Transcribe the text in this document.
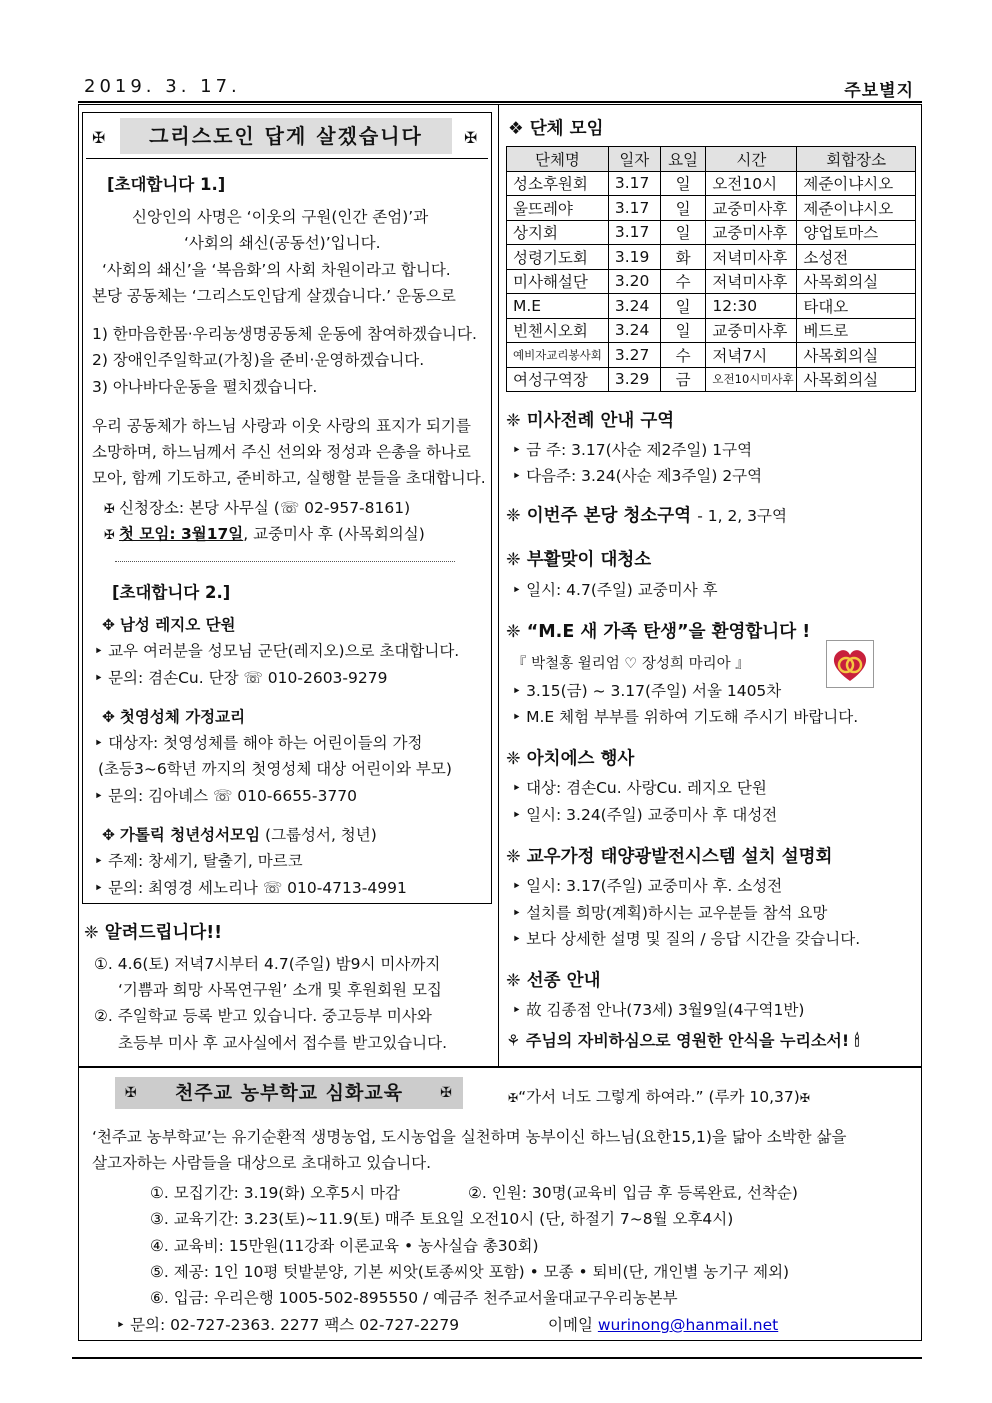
2019. 3. 17.	주보별지
✠	그리스도인 답게 살겠습니다	✠
[초대합니다 1.]
신앙인의 사명은 ‘이웃의 구원(인간 존엄)’과
‘사회의 쇄신(공동선)’입니다.
‘사회의 쇄신’을 ‘복음화’의 사회 차원이라고 합니다.
본당 공동체는 ‘그리스도인답게 살겠습니다.’ 운동으로
1) 한마음한몸·우리농생명공동체 운동에 참여하겠습니다.
2) 장애인주일학교(가칭)을 준비·운영하겠습니다.
3) 아나바다운동을 펼치겠습니다.
우리 공동체가 하느님 사랑과 이웃 사랑의 표지가 되기를
소망하며, 하느님께서 주신 선의와 정성과 은총을 하나로
모아, 함께 기도하고, 준비하고, 실행할 분들을 초대합니다.
✠ 신청장소: 본당 사무실 (☏ 02-957-8161)
✠ 첫 모임: 3월17일, 교중미사 후 (사목회의실)
[초대합니다 2.]
✥ 남성 레지오 단원
‣ 교우 여러분을 성모님 군단(레지오)으로 초대합니다.
‣ 문의: 겸손Cu. 단장 ☏ 010-2603-9279
✥ 첫영성체 가정교리
‣ 대상자: 첫영성체를 해야 하는 어린이들의 가정
(초등3~6학년 까지의 첫영성체 대상 어린이와 부모)
‣ 문의: 김아녜스 ☏ 010-6655-3770
✥ 가톨릭 청년성서모임 (그룹성서, 청년)
‣ 주제: 창세기, 탈출기, 마르코
‣ 문의: 최영경 세노리나 ☏ 010-4713-4991
❈ 알려드립니다!!
①. 4.6(토) 저녁7시부터 4.7(주일) 밤9시 미사까지
‘기쁨과 희망 사목연구원’ 소개 및 후원회원 모집
②. 주일학교 등록 받고 있습니다. 중고등부 미사와
초등부 미사 후 교사실에서 접수를 받고있습니다.
❖ 단체 모임
단체명	일자	요일	시간	회합장소
성소후원회	3.17	일	오전10시	제준이냐시오
울뜨레야	3.17	일	교중미사후	제준이냐시오
상지회	3.17	일	교중미사후	양업토마스
성령기도회	3.19	화	저녁미사후	소성전
미사해설단	3.20	수	저녁미사후	사목회의실
M.E	3.24	일	12:30	타대오
빈첸시오회	3.24	일	교중미사후	베드로
예비자교리봉사회	3.27	수	저녁7시	사목회의실
여성구역장	3.29	금	오전10시미사후	사목회의실
❈ 미사전례 안내 구역
‣ 금 주: 3.17(사순 제2주일) 1구역
‣ 다음주: 3.24(사순 제3주일) 2구역
❈ 이번주 본당 청소구역 - 1, 2, 3구역
❈ 부활맞이 대청소
‣ 일시: 4.7(주일) 교중미사 후
❈ “M.E 새 가족 탄생”을 환영합니다 !
『 박철홍 윌리엄 ♡ 장성희 마리아 』
‣ 3.15(금) ~ 3.17(주일) 서울 1405차
‣ M.E 체험 부부를 위하여 기도해 주시기 바랍니다.
❈ 아치에스 행사
‣ 대상: 겸손Cu. 사랑Cu. 레지오 단원
‣ 일시: 3.24(주일) 교중미사 후 대성전
❈ 교우가정 태양광발전시스템 설치 설명회
‣ 일시: 3.17(주일) 교중미사 후. 소성전
‣ 설치를 희망(계획)하시는 교우분들 참석 요망
‣ 보다 상세한 설명 및 질의 / 응답 시간을 갖습니다.
❈ 선종 안내
‣ 故 김종점 안나(73세) 3월9일(4구역1반)
⚘ 주님의 자비하심으로 영원한 안식을 누리소서! 🕯
✠ 천주교 농부학교 심화교육	✠	✠“가서 너도 그렇게 하여라.” (루카 10,37)✠
‘천주교 농부학교’는 유기순환적 생명농업, 도시농업을 실천하며 농부이신 하느님(요한15,1)을 닮아 소박한 삶을
살고자하는 사람들을 대상으로 초대하고 있습니다.
①. 모집기간: 3.19(화) 오후5시 마감	②. 인원: 30명(교육비 입금 후 등록완료, 선착순)
③. 교육기간: 3.23(토)~11.9(토) 매주 토요일 오전10시 (단, 하절기 7~8월 오후4시)
④. 교육비: 15만원(11강좌 이론교육 • 농사실습 총30회)
⑤. 제공: 1인 10평 텃밭분양, 기본 씨앗(토종씨앗 포함) • 모종 • 퇴비(단, 개인별 농기구 제외)
⑥. 입금: 우리은행 1005-502-895550 / 예금주 천주교서울대교구우리농본부
‣ 문의: 02-727-2363. 2277 팩스 02-727-2279	이메일 wurinong@hanmail.net
